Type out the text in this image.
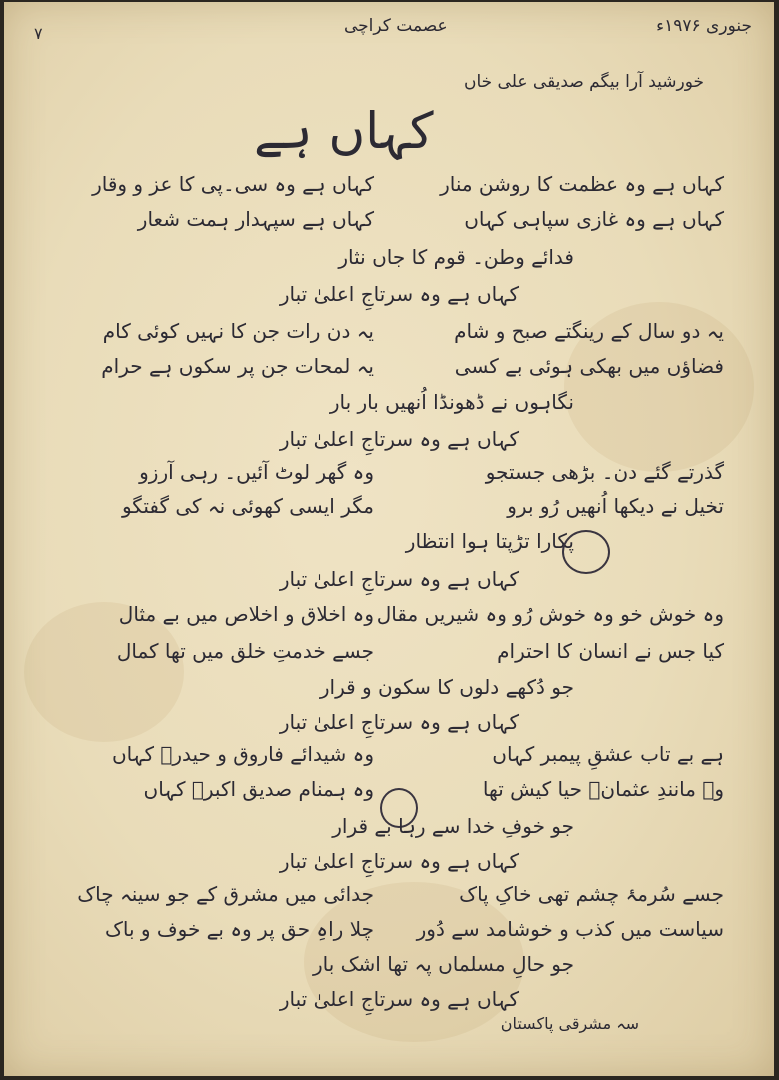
۷	عصمت کراچی	جنوری ۱۹۷۶ء
خورشید آرا بیگم صدیقی علی خاں
کہاں ہے
کہاں ہے وہ عظمت کا روشن منار
کہاں ہے وہ سی۔پی کا عز و وقار
کہاں ہے وہ غازی سپاہی کہاں
کہاں ہے سپہدار ہمت شعار
فدائے وطن۔ قوم کا جاں نثار
کہاں ہے وہ سرتاجِ اعلیٰ تبار
یہ دو سال کے رینگتے صبح و شام
یہ دن رات جن کا نہیں کوئی کام
فضاؤں میں بھکی ہوئی بے کسی
یہ لمحات جن پر سکوں ہے حرام
نگاہوں نے ڈھونڈا اُنھیں بار بار
کہاں ہے وہ سرتاجِ اعلیٰ تبار
گذرتے گئے دن۔ بڑھی جستجو
وہ گھر لوٹ آئیں۔ رہی آرزو
تخیل نے دیکھا اُنھیں رُو برو
مگر ایسی کھوئی نہ کی گفتگو
پکارا تڑپتا ہوا انتظار
کہاں ہے وہ سرتاجِ اعلیٰ تبار
وہ خوش خو وہ خوش رُو وہ شیریں مقال
وہ اخلاق و اخلاص میں بے مثال
کیا جس نے انسان کا احترام
جسے خدمتِ خلق میں تھا کمال
جو دُکھے دلوں کا سکون و قرار
کہاں ہے وہ سرتاجِ اعلیٰ تبار
ہے بے تاب عشقِ پیمبر کہاں
وہ شیدائے فاروق و حیدرؓ کہاں
وہ مانندِ عثمانؓ حیا کیش تھا
وہ ہمنام صدیق اکبرؓ کہاں
جو خوفِ خدا سے رہا بے قرار
کہاں ہے وہ سرتاجِ اعلیٰ تبار
جسے سُرمۂ چشم تھی خاکِ پاک
جدائی میں مشرق کے جو سینہ چاک
سیاست میں کذب و خوشامد سے دُور
چلا راہِ حق پر وہ بے خوف و باک
جو حالِ مسلماں پہ تھا اشک بار
کہاں ہے وہ سرتاجِ اعلیٰ تبار
سہ مشرقی پاکستان
